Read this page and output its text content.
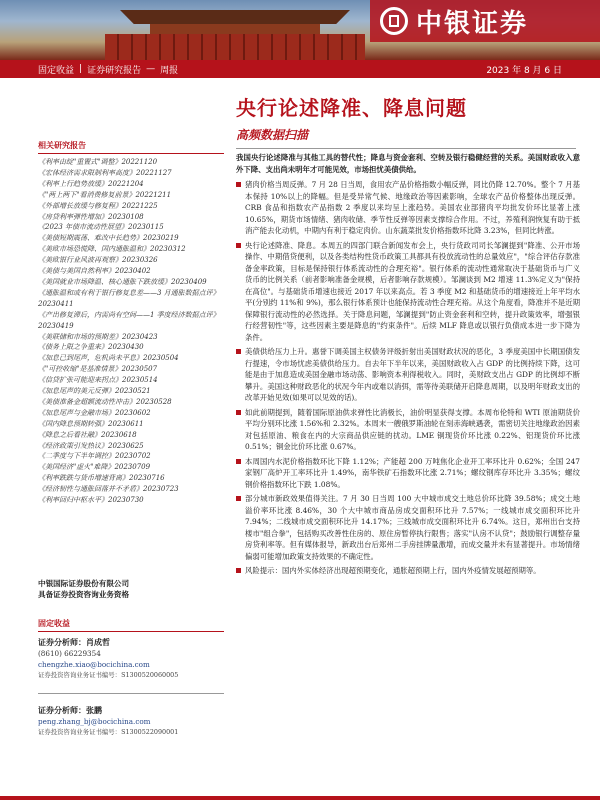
中银证券
固定收益 | 证券研究报告 — 周报	2023 年 8 月 6 日
央行论述降准、降息问题
高频数据扫描
相关研究报告
《利率由绽"重置式"调整》20221120
《宏体经济需求限制利率高度》20221127
《利率上行趋势放缓》20221204
《"两上两下"看消费修复前景》20221211
《外部增长放缓与修复程》20221225
《房贷利率弹性增加》20230108
《2023 年债市流动性展望》20230115
《美债短期震荡、难改中长趋势》20230219
《美欧市场恐慌降、国内通胀温和》20230312
《美欧银行业风波再观察》20230326
《美债与美国自然利率》20230402
《美国就业市场降温、核心通胀下跌放缓》20230409
《通胀温和或有利于银行修复息差——3 月通胀数据点评》20230411
《产出修复滞后，内需尚有空间——1 季度经济数据点评》20230419
《美联储和市场的预期差》20230423
《债务上限之争重来》20230430
《加息已到尾声，危机尚未平息》20230504
《"可控收缩"是基准情景》20230507
《信贷扩张可能迎来拐点》20230514
《加息尾声的美元反弹》20230521
《美债准备金超额流动性冲击》20230528
《加息尾声与金融市场》20230602
《国内降息预期转强》20230611
《降息之后看社融》20230618
《经济政策引发热议》20230625
《二季度与下半年调控》20230702
《美国经济"虚火"难降》20230709
《利率跌跌与货币增速背离》20230716
《经济韧性与通胀回落并不矛盾》20230723
《利率回归中枢水平》20230730
中银国际证券股份有限公司
具备证券投资咨询业务资格
固定收益
证券分析师：肖成哲
(8610) 66229354
chengzhe.xiao@bocichina.com
证券投资咨询业务证书编号：S1300520060005
证券分析师：张鹏
peng.zhang_bj@bocichina.com
证券投资咨询业务证书编号：S1300522090001
我国央行论述降准与其他工具的替代性；降息与资金套利、空转及银行稳健经营的关系。美国财政收入意外下降、支出尚未明年才可能见效，市场担忧美债供给。
猪肉价格当周反弹。7 月 28 日当周，食用农产品价格指数小幅反弹，同比仍降 12.70%。整个 7 月基本保持 10%以上的降幅。但是受异常气候、地缘政治等因素影响，全球农产品价格整体出现反弹。CRB 食品和指数农产品指数 2 季度以来均呈上涨趋势。美国农业部猪肉平均批发价环比显著上涨 10.65%，期货市场情绪、猪肉收储、季节性反弹等因素支撑综合作用。不过，养殖利润恢复有助于抵消产能去化动机，中期内有利于稳定肉价。山东蔬菜批发价格指数环比降 3.23%，但同比转涨。
央行论述降准、降息。本周五的四部门联合新闻发布会上，央行货政司司长邹澜提到"降准、公开市场操作、中期借贷便利，以及各类结构性货币政策工具都具有投放流动性的总量效应"，"综合评估存款准备金率政策，目标是保持银行体系流动性的合理充裕"。银行体系的流动性通常取决于基础货币与广义货币的比例关系（前者影响准备金规模，后者影响存款规模）。邹澜谈到 M2 增速 11.3%定义为"保持在高位"。与基础货币增速也接近 2017 年以来高点。若 3 季度 M2 和基础货币的增速接近上年平均水平(分别约 11%和 9%)，那么银行体系预计也能保持流动性合理充裕。从这个角度看，降准并不是近期保障银行流动性的必然选择。关于降息问题，邹澜提到"防止资金套利和空转，提升政策效率，增强银行经营韧性"等，这些因素主要是降息的"约束条件"。后续 MLF 降息或以银行负债成本进一步下降为条件。
美债供给压力上升。惠誉下调美国主权债务评级折射出美国财政状况的恶化，3 季度美国中长期国债发行提速，令市场忧虑美债供给压力。自去年下半年以来，美国财政收入占 GDP 的比例持续下降，这可能是由于加息造成美国金融市场动荡、影响资本利得税收入。同时，美财政支出占 GDP 的比例却不断攀升。美国这种财政恶化的状况今年内或难以消弭，需等待美联储开启降息周期，以及明年财政支出的改革开始见效(如果可以见效的话)。
如此前期提到，随着国际原油供求弹性比消极长，油价明显获得支撑。本周布伦特和 WTI 原油期货价平均分别环比涨 1.56%和 2.32%。本周末一艘俄罗斯油轮在刻赤海峡遇袭，需密切关注地缘政治因素对包括原油、粮食在内的大宗商品供应链的扰动。LME 铜现货价环比涨 0.22%、铝现货价环比涨 0.51%；铜金比价环比涨 0.67%。
本周国内水泥价格指数环比下降 1.12%；产能超 200 万吨焦化企业开工率环比升 0.62%；全国 247 家钢厂高炉开工率环比升 1.49%，南华铁矿石指数环比涨 2.71%；螺纹钢库存环比升 3.35%；螺纹钢价格指数环比下跌 1.08%。
部分城市新政效果值得关注。7 月 30 日当周 100 大中城市成交土地总价环比降 39.58%；成交土地溢价率环比涨 8.46%，30 个大中城市商品房成交面积环比升 7.57%；一线城市成交面积环比升 7.94%；二线城市成交面积环比升 14.17%；三线城市成交面积环比升 6.74%。这日，郑州出台支持楼市"组合拳"，包括购买改善性住房的、原住房暂停执行限售；落实"认房不认贷"；鼓励银行调整存量房贷利率等。但有媒体报导，新政出台后郑州二手房挂牌量激增，而成交量并未有显著提升。市场情绪偏弱可能增加政策支持效果的不确定性。
风险提示：国内外实体经济出现超预期变化，通胀超预期上行，国内外疫情发展超预期等。
